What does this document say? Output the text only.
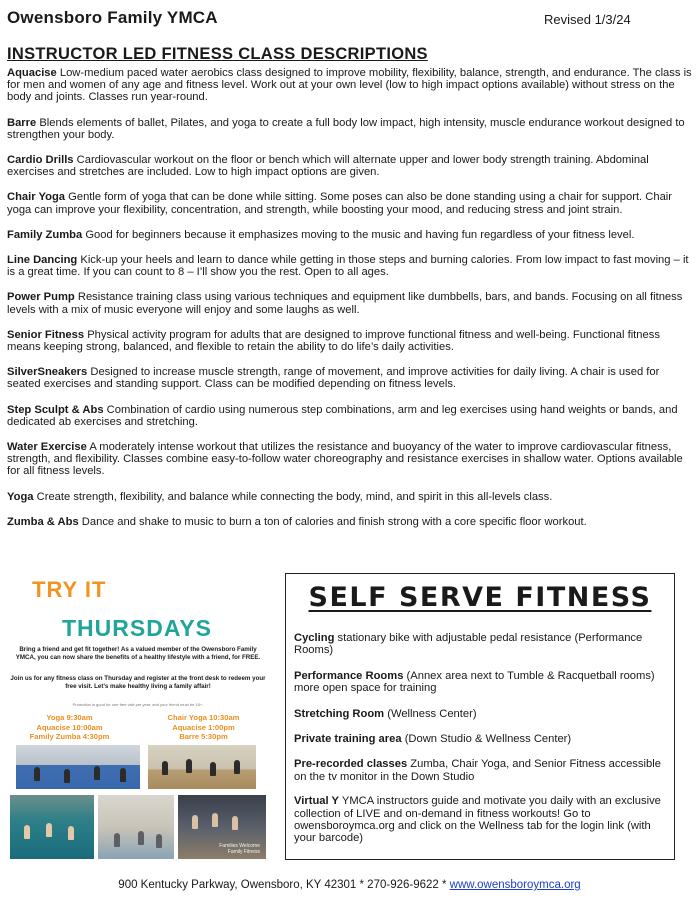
Owensboro Family YMCA	Revised 1/3/24
INSTRUCTOR LED FITNESS CLASS DESCRIPTIONS

Aquacise Low-medium paced water aerobics class designed to improve mobility, flexibility, balance, strength, and endurance. The class is for men and women of any age and fitness level. Work out at your own level (low to high impact options available) without stress on the body and joints. Classes run year-round.

Barre Blends elements of ballet, Pilates, and yoga to create a full body low impact, high intensity, muscle endurance workout designed to strengthen your body.

Cardio Drills Cardiovascular workout on the floor or bench which will alternate upper and lower body strength training. Abdominal exercises and stretches are included. Low to high impact options are given.

Chair Yoga Gentle form of yoga that can be done while sitting. Some poses can also be done standing using a chair for support. Chair yoga can improve your flexibility, concentration, and strength, while boosting your mood, and reducing stress and joint strain.

Family Zumba Good for beginners because it emphasizes moving to the music and having fun regardless of your fitness level.

Line Dancing Kick-up your heels and learn to dance while getting in those steps and burning calories. From low impact to fast moving – it is a great time. If you can count to 8 – I’ll show you the rest. Open to all ages.

Power Pump Resistance training class using various techniques and equipment like dumbbells, bars, and bands. Focusing on all fitness levels with a mix of music everyone will enjoy and some laughs as well.

Senior Fitness Physical activity program for adults that are designed to improve functional fitness and well-being. Functional fitness means keeping strong, balanced, and flexible to retain the ability to do life’s daily activities.

SilverSneakers Designed to increase muscle strength, range of movement, and improve activities for daily living. A chair is used for seated exercises and standing support. Class can be modified depending on fitness levels.

Step Sculpt & Abs Combination of cardio using numerous step combinations, arm and leg exercises using hand weights or bands, and dedicated ab exercises and stretching.

Water Exercise A moderately intense workout that utilizes the resistance and buoyancy of the water to improve cardiovascular fitness, strength, and flexibility. Classes combine easy-to-follow water choreography and resistance exercises in shallow water. Options available for all fitness levels.

Yoga Create strength, flexibility, and balance while connecting the body, mind, and spirit in this all-levels class.

Zumba & Abs Dance and shake to music to burn a ton of calories and finish strong with a core specific floor workout.

TRY IT
THURSDAYS
Bring a friend and get fit together! As a valued member of the Owensboro Family YMCA, you can now share the benefits of a healthy lifestyle with a friend, for FREE.
Join us for any fitness class on Thursday and register at the front desk to redeem your free visit. Let’s make healthy living a family affair!
Promotion is good for one free visit per year, and your friend must be 18+.
Yoga 9:30am
Aquacise 10:00am
Family Zumba 4:30pm
Chair Yoga 10:30am
Aquacise 1:00pm
Barre 5:30pm
Families Welcome
Family Fitness
SELF SERVE FITNESS

Cycling stationary bike with adjustable pedal resistance (Performance Rooms)

Performance Rooms (Annex area next to Tumble & Racquetball rooms) more open space for training

Stretching Room (Wellness Center)

Private training area (Down Studio & Wellness Center)

Pre-recorded classes Zumba, Chair Yoga, and Senior Fitness accessible on the tv monitor in the Down Studio

Virtual Y YMCA instructors guide and motivate you daily with an exclusive collection of LIVE and on-demand in fitness workouts! Go to owensboroymca.org and click on the Wellness tab for the login link (with your barcode)

900 Kentucky Parkway, Owensboro, KY 42301 * 270-926-9622 * www.owensboroymca.org
